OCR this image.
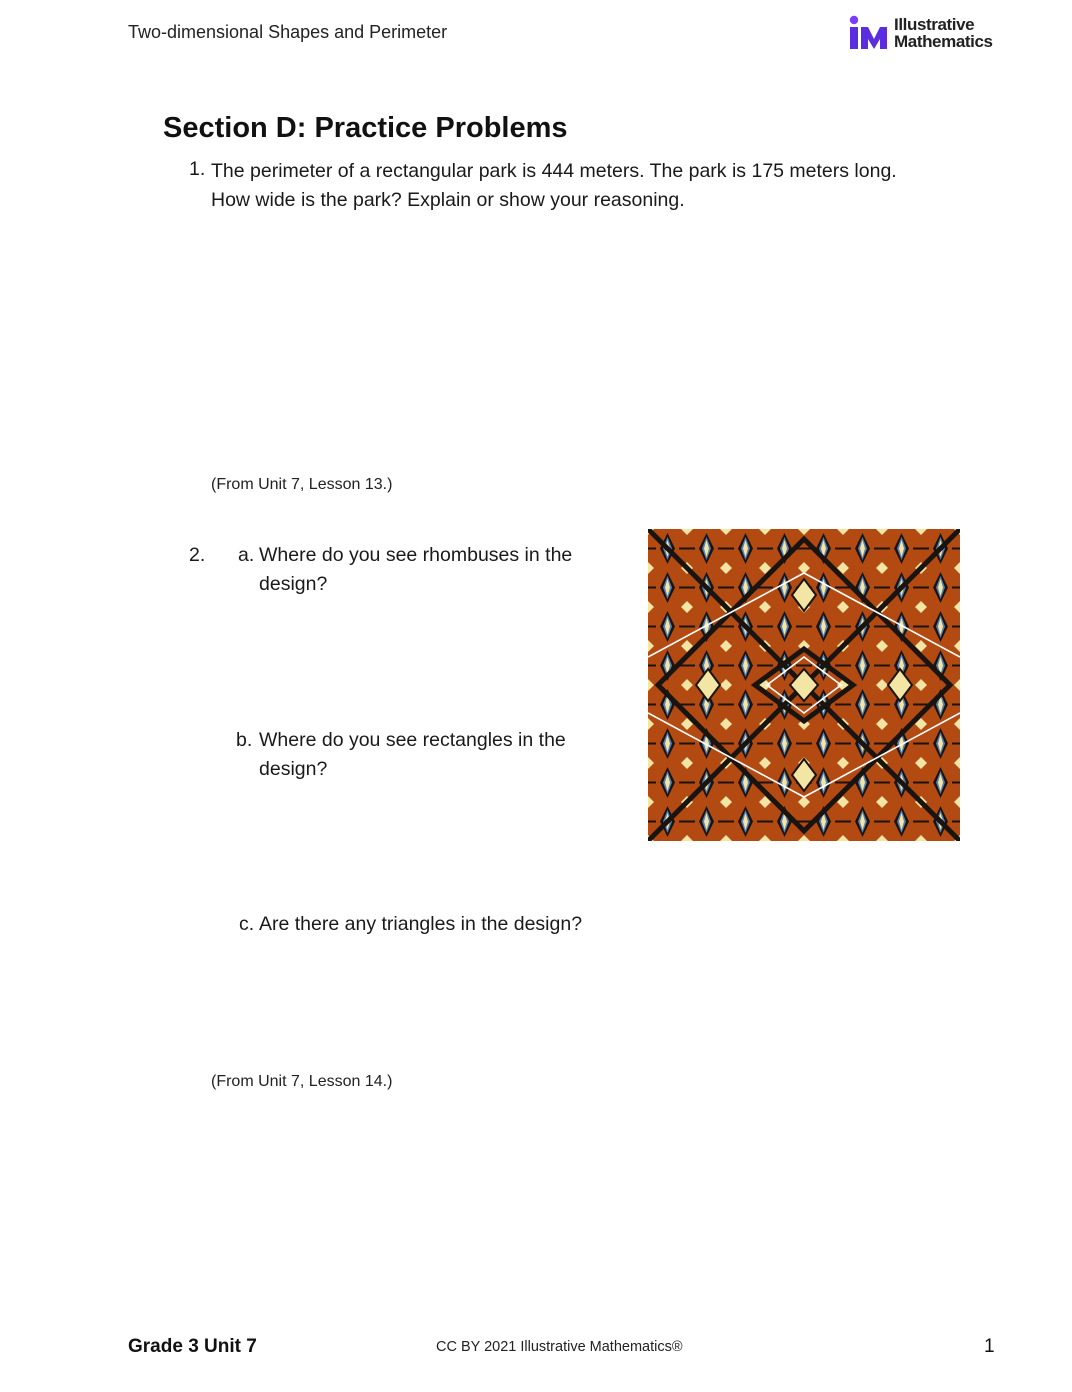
Two-dimensional Shapes and Perimeter	Illustrative
Mathematics
Section D: Practice Problems
1. The perimeter of a rectangular park is 444 meters. The park is 175 meters long.
How wide is the park? Explain or show your reasoning.
(From Unit 7, Lesson 13.)
2. a. Where do you see rhombuses in the
design?
b. Where do you see rectangles in the
design?
c. Are there any triangles in the design?
(From Unit 7, Lesson 14.)
Grade 3 Unit 7	CC BY 2021 Illustrative Mathematics®	1
